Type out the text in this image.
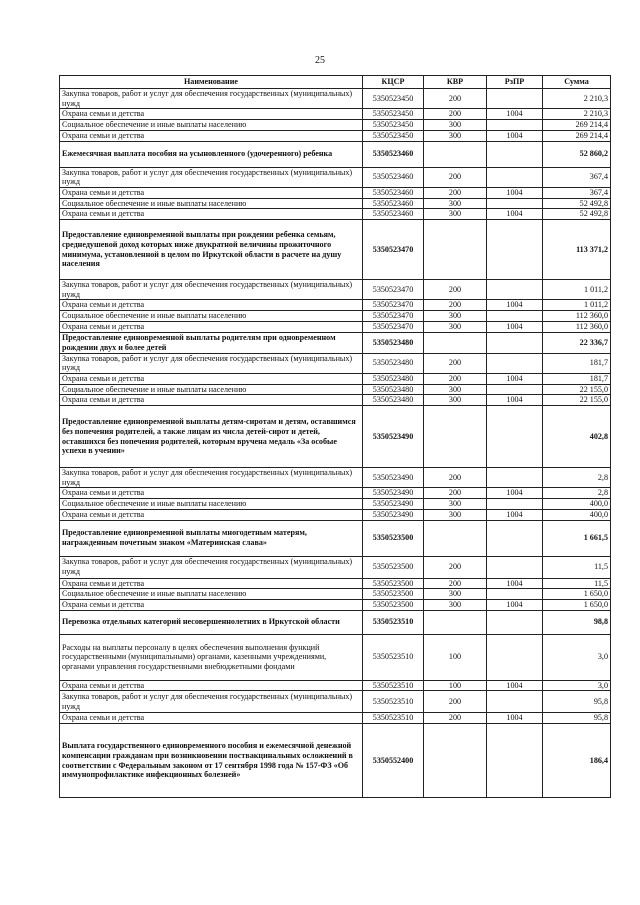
25
Наименование	КЦСР	КВР	РзПР	Сумма
Закупка товаров, работ и услуг для обеспечения государственных (муниципальных) нужд	5350523450	200		2 210,3
Охрана семьи и детства	5350523450	200	1004	2 210,3
Социальное обеспечение и иные выплаты населению	5350523450	300		269 214,4
Охрана семьи и детства	5350523450	300	1004	269 214,4
Ежемесячная выплата пособия на усыновленного (удочеренного) ребенка	5350523460			52 860,2
Закупка товаров, работ и услуг для обеспечения государственных (муниципальных) нужд	5350523460	200		367,4
Охрана семьи и детства	5350523460	200	1004	367,4
Социальное обеспечение и иные выплаты населению	5350523460	300		52 492,8
Охрана семьи и детства	5350523460	300	1004	52 492,8
Предоставление единовременной выплаты при рождении ребенка семьям, среднедушевой доход которых ниже двукратной величины прожиточного минимума, установленной в целом по Иркутской области в расчете на душу населения	5350523470			113 371,2
Закупка товаров, работ и услуг для обеспечения государственных (муниципальных) нужд	5350523470	200		1 011,2
Охрана семьи и детства	5350523470	200	1004	1 011,2
Социальное обеспечение и иные выплаты населению	5350523470	300		112 360,0
Охрана семьи и детства	5350523470	300	1004	112 360,0
Предоставление единовременной выплаты родителям при одновременном рождении двух и более детей	5350523480			22 336,7
Закупка товаров, работ и услуг для обеспечения государственных (муниципальных) нужд	5350523480	200		181,7
Охрана семьи и детства	5350523480	200	1004	181,7
Социальное обеспечение и иные выплаты населению	5350523480	300		22 155,0
Охрана семьи и детства	5350523480	300	1004	22 155,0
Предоставление единовременной выплаты детям-сиротам и детям, оставшимся без попечения родителей, а также лицам из числа детей-сирот и детей, оставшихся без попечения родителей, которым вручена медаль «За особые успехи в учении»	5350523490			402,8
Закупка товаров, работ и услуг для обеспечения государственных (муниципальных) нужд	5350523490	200		2,8
Охрана семьи и детства	5350523490	200	1004	2,8
Социальное обеспечение и иные выплаты населению	5350523490	300		400,0
Охрана семьи и детства	5350523490	300	1004	400,0
Предоставление единовременной выплаты многодетным матерям, награжденным почетным знаком «Материнская слава»	5350523500			1 661,5
Закупка товаров, работ и услуг для обеспечения государственных (муниципальных) нужд	5350523500	200		11,5
Охрана семьи и детства	5350523500	200	1004	11,5
Социальное обеспечение и иные выплаты населению	5350523500	300		1 650,0
Охрана семьи и детства	5350523500	300	1004	1 650,0
Перевозка отдельных категорий несовершеннолетних в Иркутской области	5350523510			98,8
Расходы на выплаты персоналу в целях обеспечения выполнения функций государственными (муниципальными) органами, казенными учреждениями, органами управления государственными внебюджетными фондами	5350523510	100		3,0
Охрана семьи и детства	5350523510	100	1004	3,0
Закупка товаров, работ и услуг для обеспечения государственных (муниципальных) нужд	5350523510	200		95,8
Охрана семьи и детства	5350523510	200	1004	95,8
Выплата государственного единовременного пособия и ежемесячной денежной компенсации гражданам при возникновении поствакцинальных осложнений в соответствии с Федеральным законом от 17 сентября 1998 года № 157-ФЗ «Об иммунопрофилактике инфекционных болезней»	5350552400			186,4
